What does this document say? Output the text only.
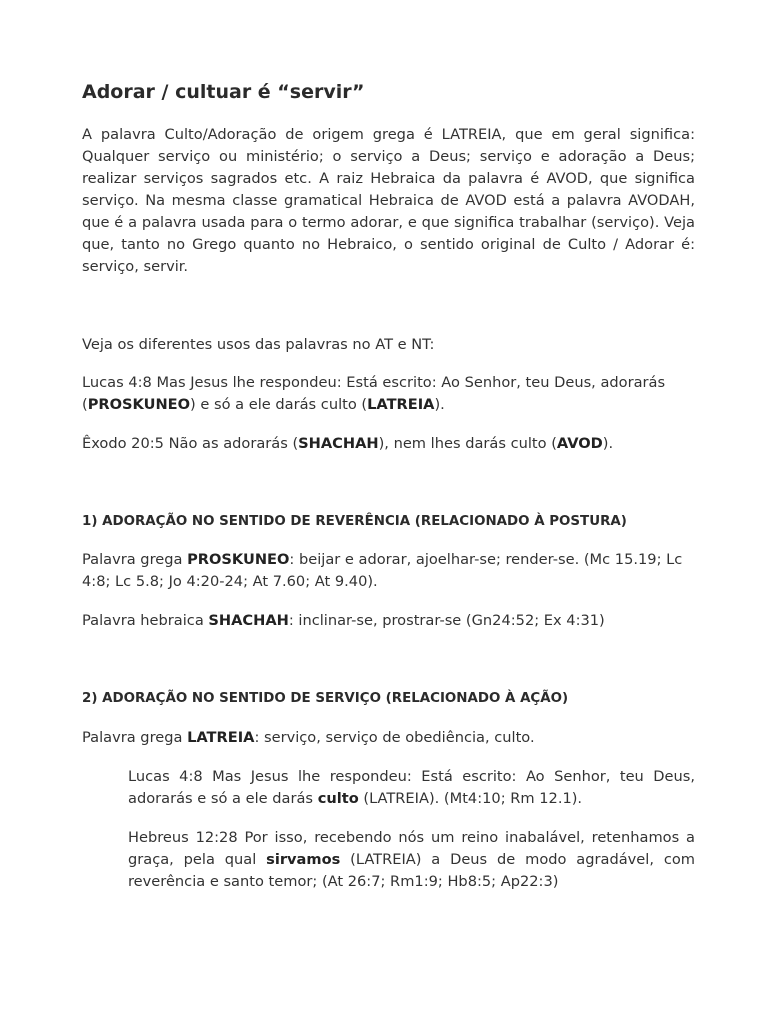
Adorar / cultuar é “servir”

A palavra Culto/Adoração de origem grega é LATREIA, que em geral significa: Qualquer serviço ou ministério; o serviço a Deus; serviço e adoração a Deus; realizar serviços sagrados etc. A raiz Hebraica da palavra é AVOD, que significa serviço. Na mesma classe gramatical Hebraica de AVOD está a palavra AVODAH, que é a palavra usada para o termo adorar, e que significa trabalhar (serviço). Veja que, tanto no Grego quanto no Hebraico, o sentido original de Culto / Adorar é: serviço, servir.

Veja os diferentes usos das palavras no AT e NT:

Lucas 4:8 Mas Jesus lhe respondeu: Está escrito: Ao Senhor, teu Deus, adorarás (PROSKUNEO) e só a ele darás culto (LATREIA).

Êxodo 20:5 Não as adorarás (SHACHAH), nem lhes darás culto (AVOD).

1) ADORAÇÃO NO SENTIDO DE REVERÊNCIA (RELACIONADO À POSTURA)

Palavra grega PROSKUNEO: beijar e adorar, ajoelhar-se; render-se. (Mc 15.19; Lc 4:8; Lc 5.8; Jo 4:20-24; At 7.60; At 9.40).

Palavra hebraica SHACHAH: inclinar-se, prostrar-se (Gn24:52; Ex 4:31)

2) ADORAÇÃO NO SENTIDO DE SERVIÇO (RELACIONADO À AÇÃO)

Palavra grega LATREIA: serviço, serviço de obediência, culto.

Lucas 4:8 Mas Jesus lhe respondeu: Está escrito: Ao Senhor, teu Deus, adorarás e só a ele darás culto (LATREIA). (Mt4:10; Rm 12.1).

Hebreus 12:28 Por isso, recebendo nós um reino inabalável, retenhamos a graça, pela qual sirvamos (LATREIA) a Deus de modo agradável, com reverência e santo temor; (At 26:7; Rm1:9; Hb8:5; Ap22:3)
